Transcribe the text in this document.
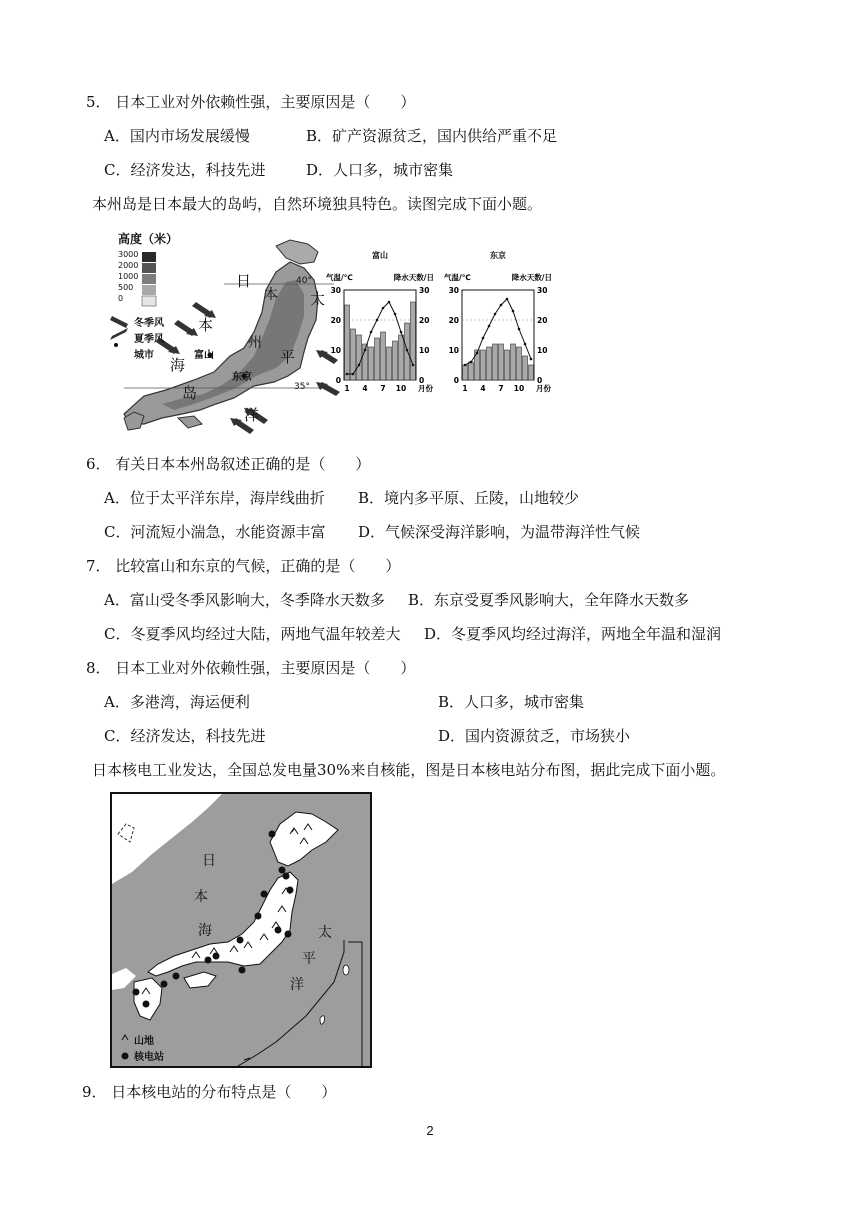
5． 日本工业对外依赖性强，主要原因是（　　）
A．国内市场发展缓慢	B．矿产资源贫乏，国内供给严重不足
C．经济发达，科技先进	D．人口多，城市密集
本州岛是日本最大的岛屿，自然环境独具特色。读图完成下面小题。
富山
气温/℃	降水天数/日
0	0
10	10
20	20
30	30
1 4 7 10 月份
东京
气温/℃	降水天数/日
0	0
10	10
20	20
30	30
1 4 7 10 月份
高度（米）
3000
2000
1000
500
0
冬季风
夏季风
城市
40°
35°
日
本
海
岛
本
州
太
平
洋
富山
东京
6． 有关日本本州岛叙述正确的是（　　）
A．位于太平洋东岸，海岸线曲折 B．境内多平原、丘陵，山地较少
C．河流短小湍急，水能资源丰富 D．气候深受海洋影响，为温带海洋性气候
7． 比较富山和东京的气候，正确的是（　　）
A．富山受冬季风影响大，冬季降水天数多 B．东京受夏季风影响大，全年降水天数多
C．冬夏季风均经过大陆，两地气温年较差大 D．冬夏季风均经过海洋，两地全年温和湿润
8． 日本工业对外依赖性强，主要原因是（　　）
A．多港湾，海运便利	B．人口多，城市密集
C．经济发达，科技先进	D．国内资源贫乏，市场狭小
日本核电工业发达，全国总发电量30%来自核能，图是日本核电站分布图，据此完成下面小题。
日
本
海	太
平
洋
山地
核电站
9． 日本核电站的分布特点是（　　）
2
